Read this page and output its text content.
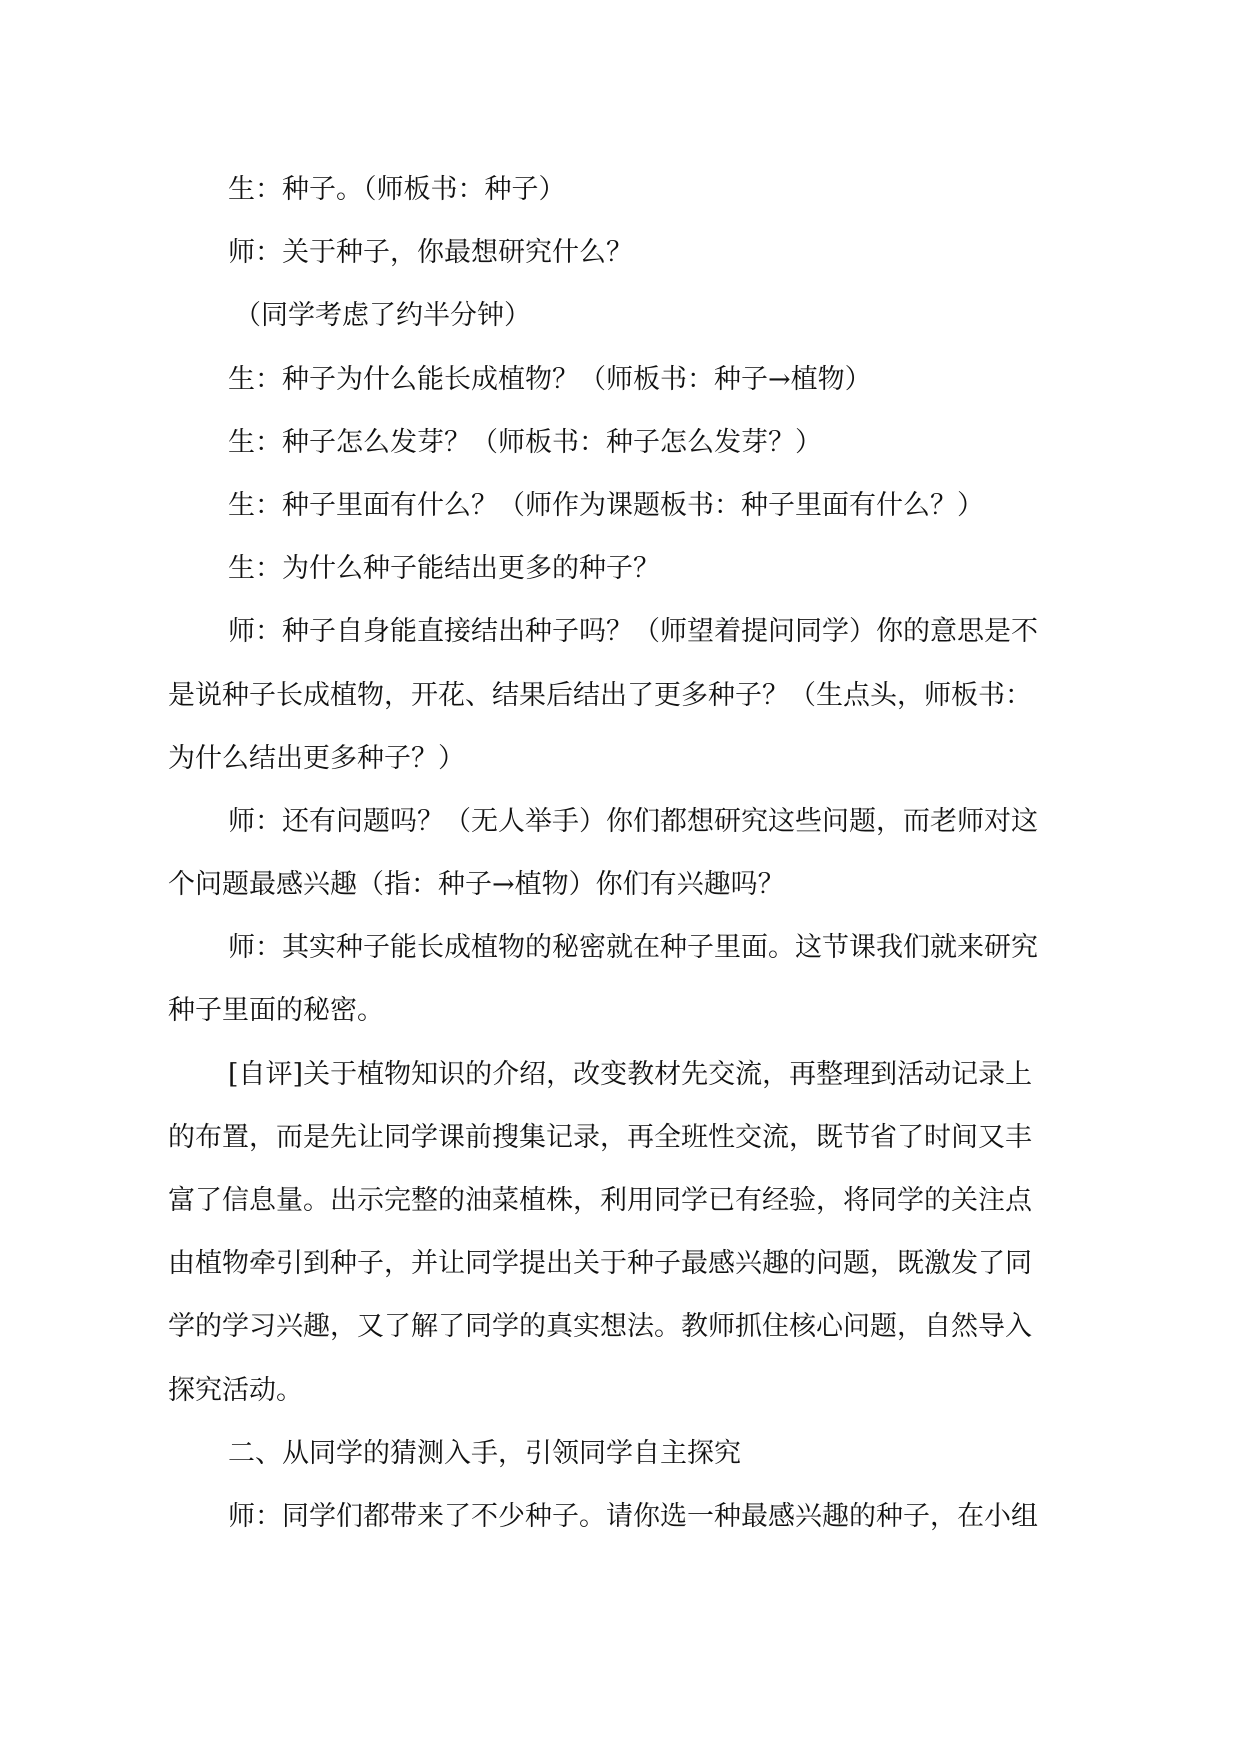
生：种子。（师板书：种子）
师：关于种子，你最想研究什么？
（同学考虑了约半分钟）
生：种子为什么能长成植物？（师板书：种子→植物）
生：种子怎么发芽？（师板书：种子怎么发芽？）
生：种子里面有什么？（师作为课题板书：种子里面有什么？）
生：为什么种子能结出更多的种子？
师：种子自身能直接结出种子吗？（师望着提问同学）你的意思是不
是说种子长成植物，开花、结果后结出了更多种子？（生点头，师板书：
为什么结出更多种子？）
师：还有问题吗？（无人举手）你们都想研究这些问题，而老师对这
个问题最感兴趣（指：种子→植物）你们有兴趣吗？
师：其实种子能长成植物的秘密就在种子里面。这节课我们就来研究
种子里面的秘密。
[自评]关于植物知识的介绍，改变教材先交流，再整理到活动记录上
的布置，而是先让同学课前搜集记录，再全班性交流，既节省了时间又丰
富了信息量。出示完整的油菜植株，利用同学已有经验，将同学的关注点
由植物牵引到种子，并让同学提出关于种子最感兴趣的问题，既激发了同
学的学习兴趣，又了解了同学的真实想法。教师抓住核心问题，自然导入
探究活动。
二、从同学的猜测入手，引领同学自主探究
师：同学们都带来了不少种子。请你选一种最感兴趣的种子，在小组
